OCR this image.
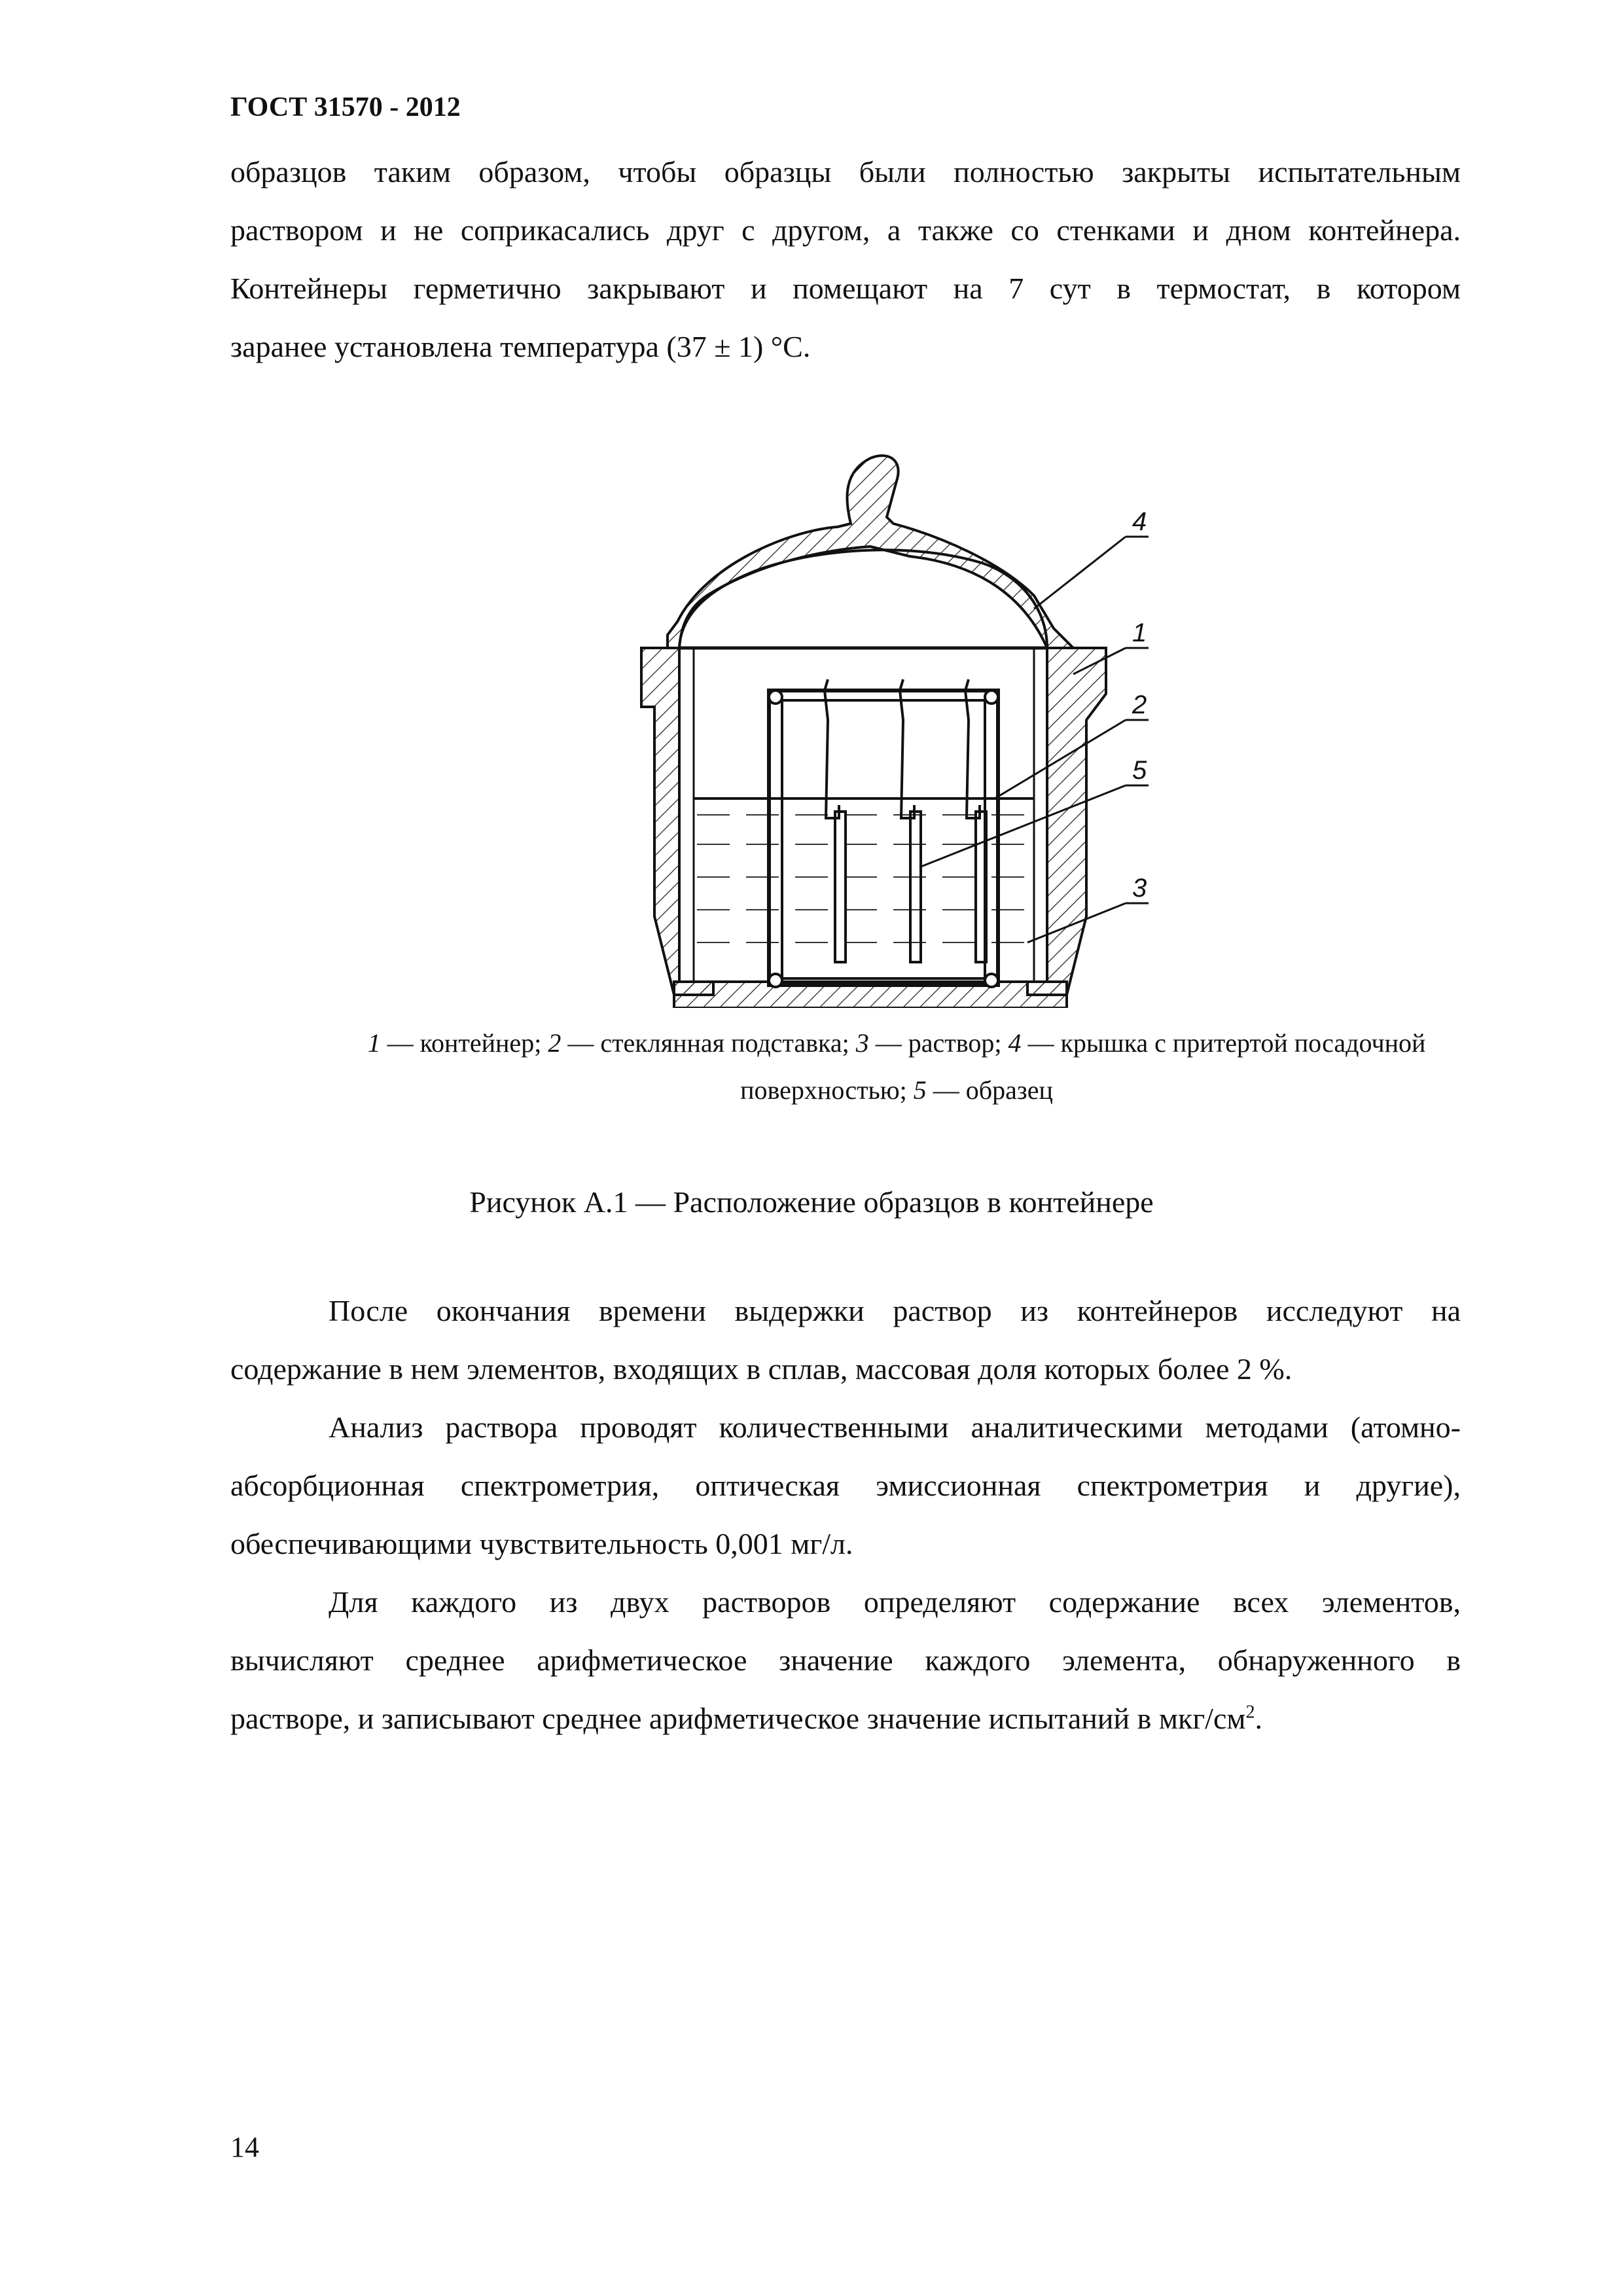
ГОСТ 31570 - 2012
образцов таким образом, чтобы образцы были полностью закрыты испытательным
раствором и не соприкасались друг с другом, а также со стенками и дном контейнера.
Контейнеры герметично закрывают и помещают на 7 сут в термостат, в котором
заранее установлена температура (37 ± 1) °С.
4
1
2
5
3
1 — контейнер; 2 — стеклянная подставка; 3 — раствор; 4 — крышка с притертой посадочной
поверхностью; 5 — образец
Рисунок А.1 — Расположение образцов в контейнере
После окончания времени выдержки раствор из контейнеров исследуют на
содержание в нем элементов, входящих в сплав, массовая доля которых более 2 %.
Анализ раствора проводят количественными аналитическими методами (атомно-
абсорбционная спектрометрия, оптическая эмиссионная спектрометрия и другие),
обеспечивающими чувствительность 0,001 мг/л.
Для каждого из двух растворов определяют содержание всех элементов,
вычисляют среднее арифметическое значение каждого элемента, обнаруженного в
растворе, и записывают среднее арифметическое значение испытаний в мкг/$см^2$.
14
